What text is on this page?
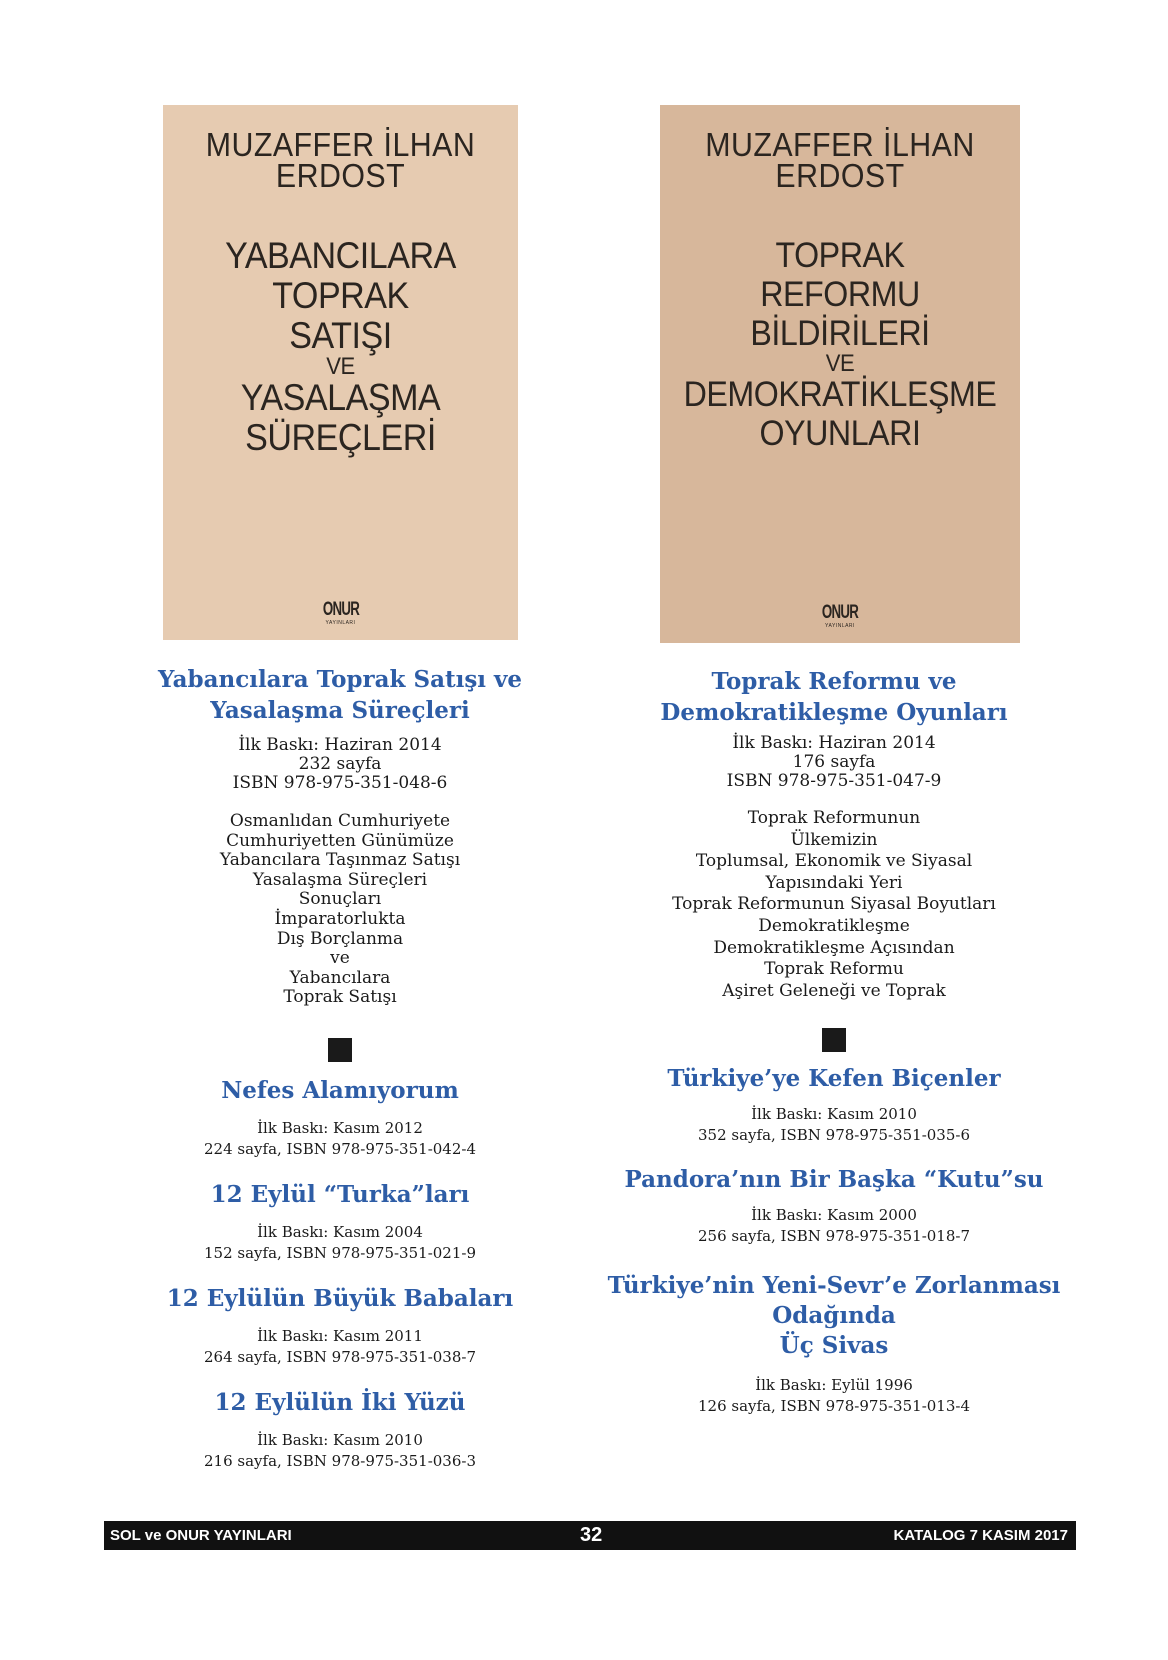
MUZAFFER İLHAN
ERDOST
YABANCILARA
TOPRAK
SATIŞI
VE
YASALAŞMA
SÜREÇLERİ
ONUR
YAYINLARI
MUZAFFER İLHAN
ERDOST
TOPRAK
REFORMU
BİLDİRİLERİ
VE
DEMOKRATİKLEŞME
OYUNLARI
ONUR
YAYINLARI
Yabancılara Toprak Satışı ve
Yasalaşma Süreçleri
İlk Baskı: Haziran 2014
232 sayfa
ISBN 978-975-351-048-6
Osmanlıdan Cumhuriyete
Cumhuriyetten Günümüze
Yabancılara Taşınmaz Satışı
Yasalaşma Süreçleri
Sonuçları
İmparatorlukta
Dış Borçlanma
ve
Yabancılara
Toprak Satışı
Nefes Alamıyorum
İlk Baskı: Kasım 2012
224 sayfa, ISBN 978-975-351-042-4
12 Eylül “Turka”ları
İlk Baskı: Kasım 2004
152 sayfa, ISBN 978-975-351-021-9
12 Eylülün Büyük Babaları
İlk Baskı: Kasım 2011
264 sayfa, ISBN 978-975-351-038-7
12 Eylülün İki Yüzü
İlk Baskı: Kasım 2010
216 sayfa, ISBN 978-975-351-036-3
Toprak Reformu ve
Demokratikleşme Oyunları
İlk Baskı: Haziran 2014
176 sayfa
ISBN 978-975-351-047-9
Toprak Reformunun
Ülkemizin
Toplumsal, Ekonomik ve Siyasal
Yapısındaki Yeri
Toprak Reformunun Siyasal Boyutları
Demokratikleşme
Demokratikleşme Açısından
Toprak Reformu
Aşiret Geleneği ve Toprak
Türkiye’ye Kefen Biçenler
İlk Baskı: Kasım 2010
352 sayfa, ISBN 978-975-351-035-6
Pandora’nın Bir Başka “Kutu”su
İlk Baskı: Kasım 2000
256 sayfa, ISBN 978-975-351-018-7
Türkiye’nin Yeni-Sevr’e Zorlanması
Odağında
Üç Sivas
İlk Baskı: Eylül 1996
126 sayfa, ISBN 978-975-351-013-4
SOL ve ONUR YAYINLARI	32	KATALOG 7 KASIM 2017
